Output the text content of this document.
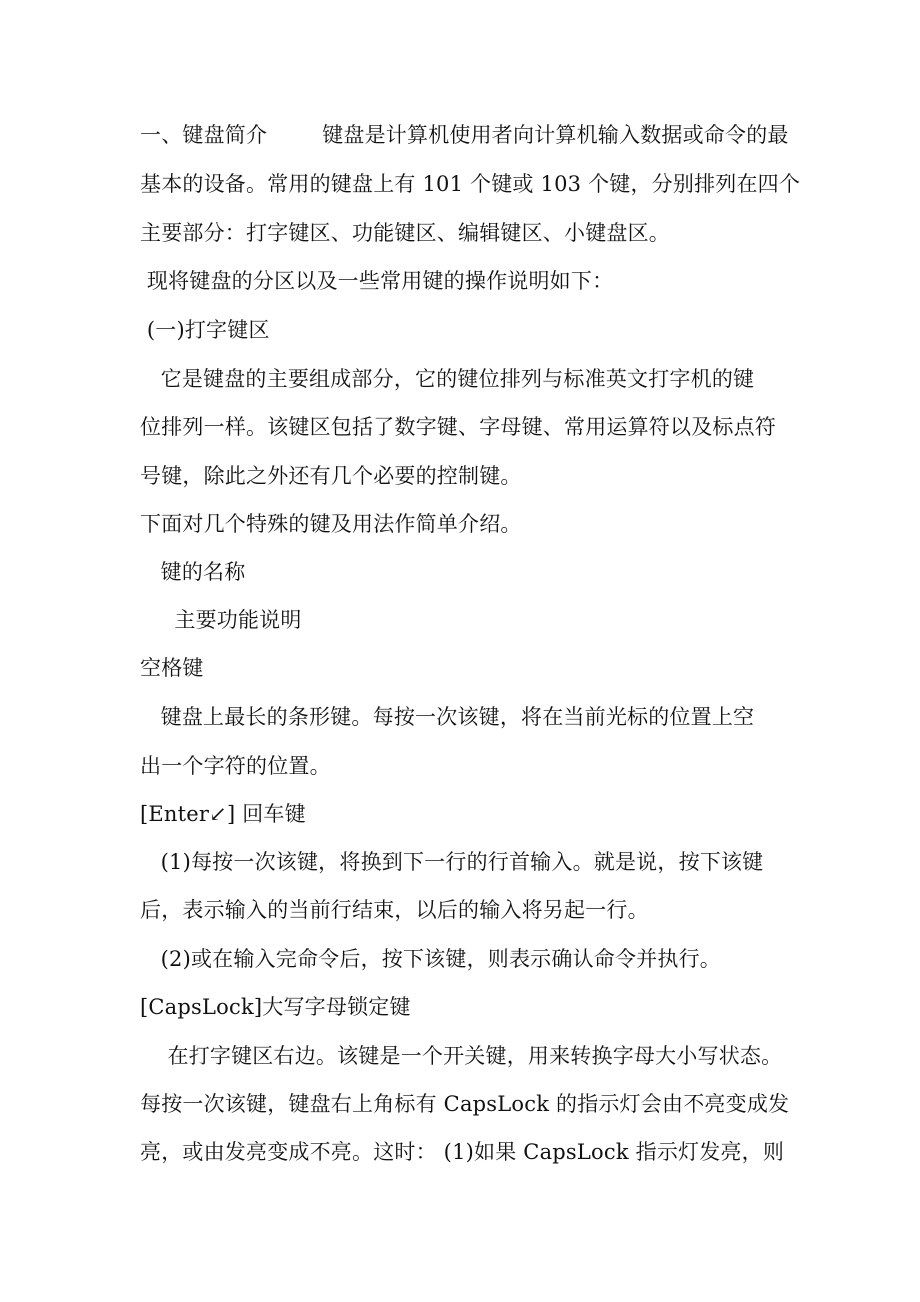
一、键盘简介        键盘是计算机使用者向计算机输入数据或命令的最
基本的设备。常用的键盘上有 101 个键或 103 个键，分别排列在四个
主要部分：打字键区、功能键区、编辑键区、小键盘区。
现将键盘的分区以及一些常用键的操作说明如下：
(一)打字键区
它是键盘的主要组成部分，它的键位排列与标准英文打字机的键
位排列一样。该键区包括了数字键、字母键、常用运算符以及标点符
号键，除此之外还有几个必要的控制键。
下面对几个特殊的键及用法作简单介绍。
键的名称
主要功能说明
空格键
键盘上最长的条形键。每按一次该键，将在当前光标的位置上空
出一个字符的位置。
[Enter↙] 回车键
(1)每按一次该键，将换到下一行的行首输入。就是说，按下该键
后，表示输入的当前行结束，以后的输入将另起一行。
(2)或在输入完命令后，按下该键，则表示确认命令并执行。
[CapsLock]大写字母锁定键
在打字键区右边。该键是一个开关键，用来转换字母大小写状态。
每按一次该键，键盘右上角标有 CapsLock 的指示灯会由不亮变成发
亮，或由发亮变成不亮。这时： (1)如果 CapsLock 指示灯发亮，则
